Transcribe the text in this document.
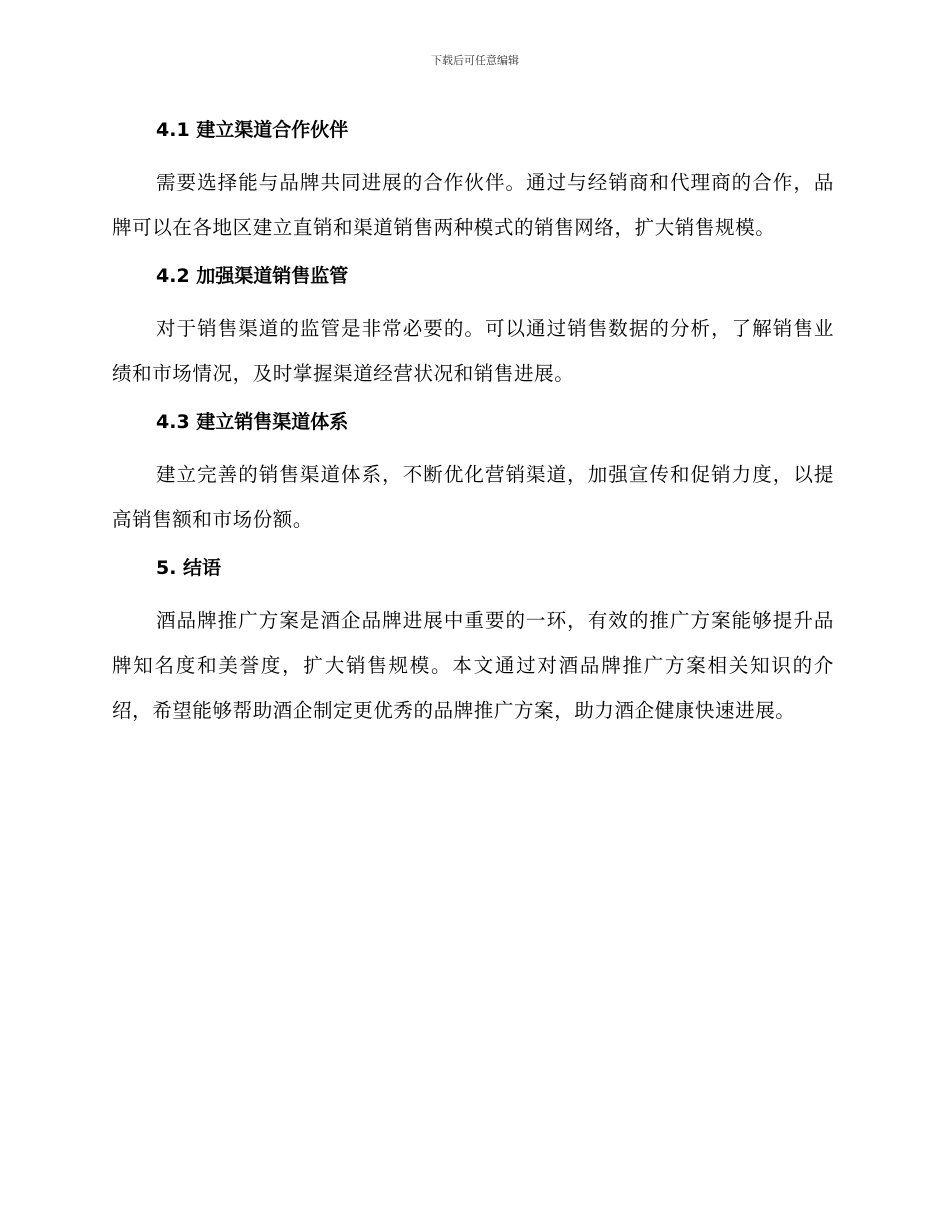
下载后可任意编辑
4.1 建立渠道合作伙伴

需要选择能与品牌共同进展的合作伙伴。通过与经销商和代理商的合作，品牌可以在各地区建立直销和渠道销售两种模式的销售网络，扩大销售规模。

4.2 加强渠道销售监管

对于销售渠道的监管是非常必要的。可以通过销售数据的分析，了解销售业绩和市场情况，及时掌握渠道经营状况和销售进展。

4.3 建立销售渠道体系

建立完善的销售渠道体系，不断优化营销渠道，加强宣传和促销力度，以提高销售额和市场份额。

5. 结语

酒品牌推广方案是酒企品牌进展中重要的一环，有效的推广方案能够提升品牌知名度和美誉度，扩大销售规模。本文通过对酒品牌推广方案相关知识的介绍，希望能够帮助酒企制定更优秀的品牌推广方案，助力酒企健康快速进展。
